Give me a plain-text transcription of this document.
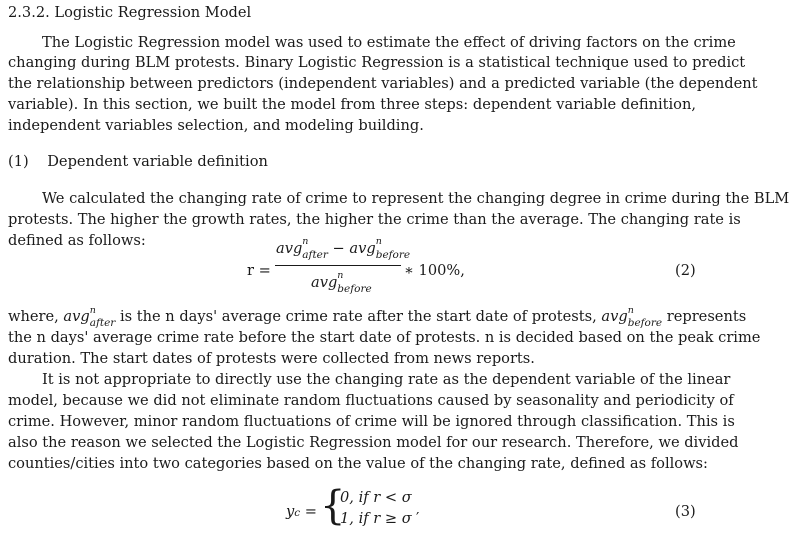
2.3.2. Logistic Regression Model
The Logistic Regression model was used to estimate the effect of driving factors on the crime
changing during BLM protests. Binary Logistic Regression is a statistical technique used to predict
the relationship between predictors (independent variables) and a predicted variable (the dependent
variable). In this section, we built the model from three steps: dependent variable definition,
independent variables selection, and modeling building.
(1)    Dependent variable definition
We calculated the changing rate of crime to represent the changing degree in crime during the BLM
protests. The higher the growth rates, the higher the crime than the average. The changing rate is
defined as follows:
r =
avg n
$_{after}$ − avg n
$_{before}$
avg n
$_{before}$
∗ 100%,	(2)
where, avg n
$_{after}$ is the n days' average crime rate after the start date of protests, avg n
$_{before}$ represents
the n days' average crime rate before the start date of protests. n is decided based on the peak crime
duration. The start dates of protests were collected from news reports.
It is not appropriate to directly use the changing rate as the dependent variable of the linear
model, because we did not eliminate random fluctuations caused by seasonality and periodicity of
crime. However, minor random fluctuations of crime will be ignored through classification. This is
also the reason we selected the Logistic Regression model for our research. Therefore, we divided
counties/cities into two categories based on the value of the changing rate, defined as follows:
yc = {
0, if r < σ
1, if r ≥ σ ′	(3)
